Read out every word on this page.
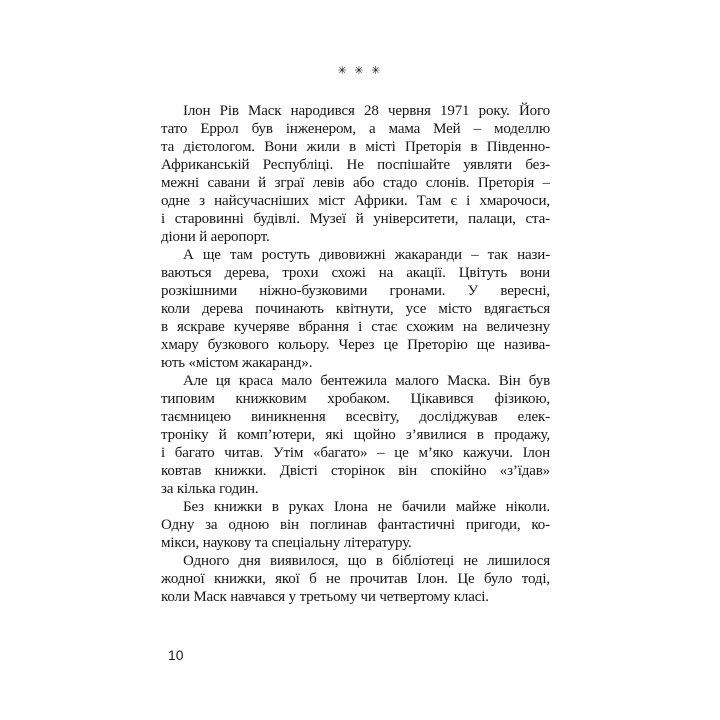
✳ ✳ ✳
Ілон Рів Маск народився 28 червня 1971 року. Його
тато Еррол був інженером, а мама Мей – моделлю
та дієтологом. Вони жили в місті Преторія в Південно-
Африканській Республіці. Не поспішайте уявляти без-
межні савани й зграї левів або стадо слонів. Преторія –
одне з найсучасніших міст Африки. Там є і хмарочоси,
і старовинні будівлі. Музеї й університети, палаци, ста-
діони й аеропорт.
А ще там ростуть дивовижні жакаранди – так нази-
ваються дерева, трохи схожі на акації. Цвітуть вони
розкішними ніжно-бузковими гронами. У вересні,
коли дерева починають квітнути, усе місто вдягається
в яскраве кучеряве вбрання і стає схожим на величезну
хмару бузкового кольору. Через це Преторію ще назива-
ють «містом жакаранд».
Але ця краса мало бентежила малого Маска. Він був
типовим книжковим хробаком. Цікавився фізикою,
таємницею виникнення всесвіту, досліджував елек-
троніку й комп’ютери, які щойно з’явилися в продажу,
і багато читав. Утім «багато» – це м’яко кажучи. Ілон
ковтав книжки. Двісті сторінок він спокійно «з’їдав»
за кілька годин.
Без книжки в руках Ілона не бачили майже ніколи.
Одну за одною він поглинав фантастичні пригоди, ко-
мікси, наукову та спеціальну літературу.
Одного дня виявилося, що в бібліотеці не лишилося
жодної книжки, якої б не прочитав Ілон. Це було тоді,
коли Маск навчався у третьому чи четвертому класі.
10
